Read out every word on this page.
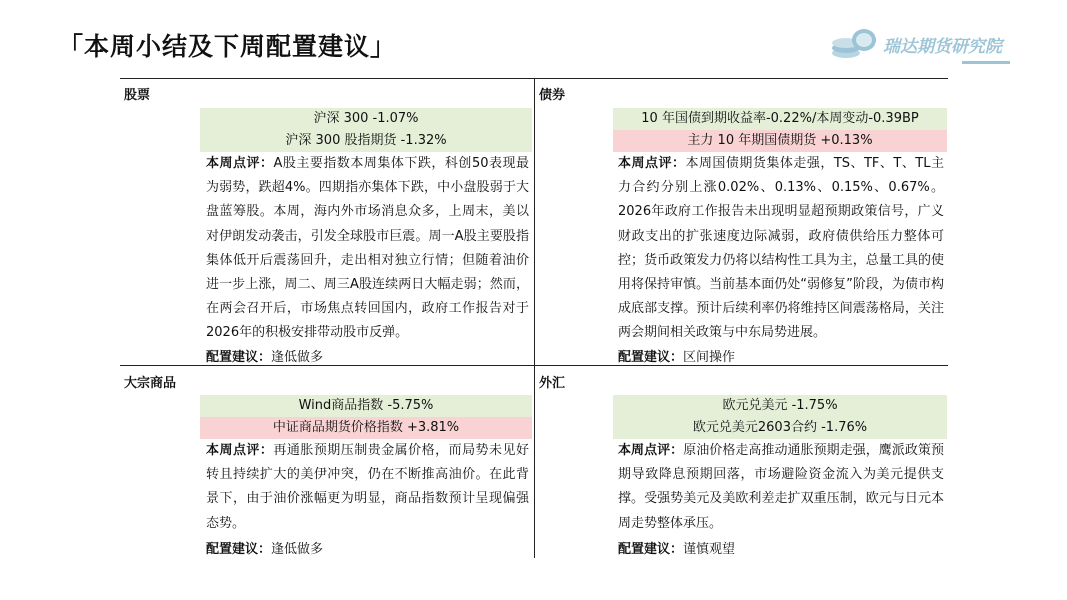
「本周小结及下周配置建议」	瑞达期货研究院
股票
沪深 300 -1.07%
沪深 300 股指期货 -1.32%
本周点评：A股主要指数本周集体下跌，科创50表现最为弱势，跌超4%。四期指亦集体下跌，中小盘股弱于大盘蓝筹股。本周，海内外市场消息众多，上周末，美以对伊朗发动袭击，引发全球股市巨震。周一A股主要股指集体低开后震荡回升，走出相对独立行情；但随着油价进一步上涨，周二、周三A股连续两日大幅走弱；然而，在两会召开后，市场焦点转回国内，政府工作报告对于2026年的积极安排带动股市反弹。
配置建议：逢低做多
债券
10 年国债到期收益率-0.22%/本周变动-0.39BP
主力 10 年期国债期货 +0.13%
本周点评：本周国债期货集体走强，TS、TF、T、TL主力合约分别上涨0.02%、0.13%、0.15%、0.67%。2026年政府工作报告未出现明显超预期政策信号，广义财政支出的扩张速度边际减弱，政府债供给压力整体可控；货币政策发力仍将以结构性工具为主，总量工具的使用将保持审慎。当前基本面仍处“弱修复”阶段，为债市构成底部支撑。预计后续利率仍将维持区间震荡格局，关注两会期间相关政策与中东局势进展。
配置建议：区间操作
大宗商品
Wind商品指数 -5.75%
中证商品期货价格指数 +3.81%
本周点评：再通胀预期压制贵金属价格，而局势未见好转且持续扩大的美伊冲突，仍在不断推高油价。在此背景下，由于油价涨幅更为明显，商品指数预计呈现偏强态势。
配置建议：逢低做多
外汇
欧元兑美元 -1.75%
欧元兑美元2603合约 -1.76%
本周点评：原油价格走高推动通胀预期走强，鹰派政策预期导致降息预期回落，市场避险资金流入为美元提供支撑。受强势美元及美欧利差走扩双重压制，欧元与日元本周走势整体承压。
配置建议：谨慎观望
